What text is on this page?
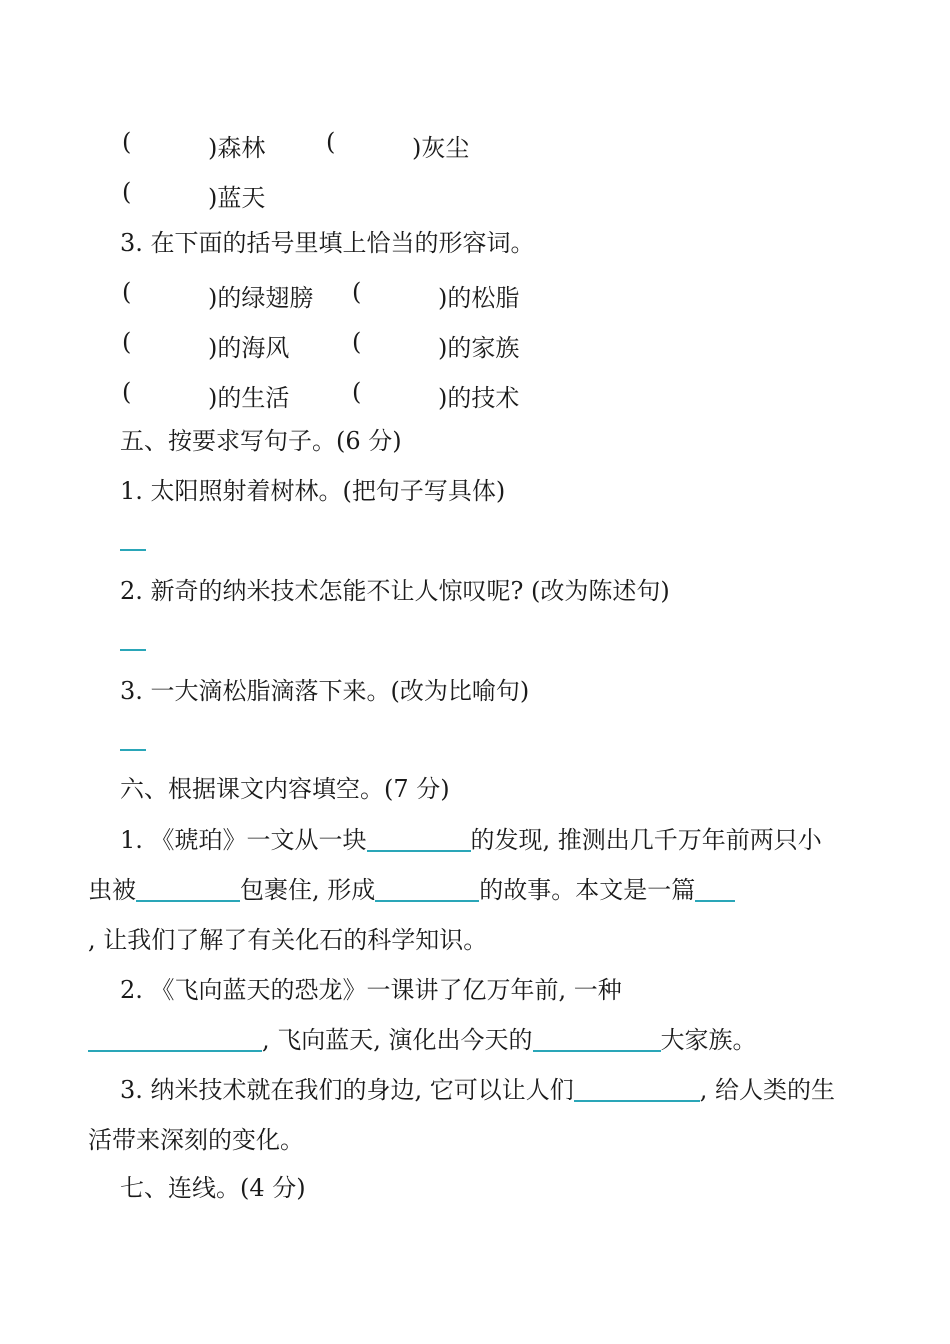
(	)森林	(	)灰尘
(	)蓝天
3. 在下面的括号里填上恰当的形容词。
(	)的绿翅膀 (	)的松脂
(	)的海风	(	)的家族
(	)的生活	(	)的技术
五、按要求写句子。(6 分)
1. 太阳照射着树林。(把句子写具体)
2. 新奇的纳米技术怎能不让人惊叹呢? (改为陈述句)
3. 一大滴松脂滴落下来。(改为比喻句)
六、根据课文内容填空。(7 分)
1. 《琥珀》一文从一块	的发现, 推测出几千万年前两只小
虫被	包裹住, 形成	的故事。本文是一篇
, 让我们了解了有关化石的科学知识。
2. 《飞向蓝天的恐龙》一课讲了亿万年前, 一种
, 飞向蓝天, 演化出今天的	大家族。
3. 纳米技术就在我们的身边, 它可以让人们	, 给人类的生
活带来深刻的变化。
七、连线。(4 分)
